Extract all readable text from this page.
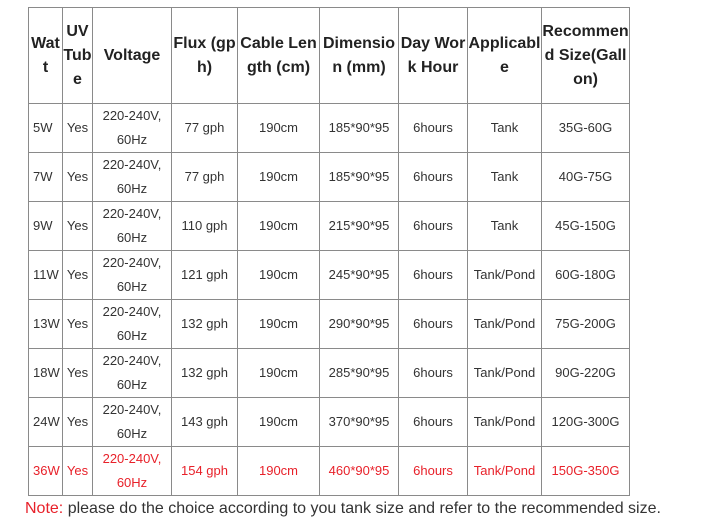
Watt	UV Tube	Voltage	Flux (gph)	Cable Length (cm)	Dimension (mm)	Day Work Hour	Applicable	Recommend Size(Gallon)
5W	Yes	220-240V, 60Hz	77 gph	190cm	185*90*95	6hours	Tank	35G-60G
7W	Yes	220-240V, 60Hz	77 gph	190cm	185*90*95	6hours	Tank	40G-75G
9W	Yes	220-240V, 60Hz	110 gph	190cm	215*90*95	6hours	Tank	45G-150G
11W	Yes	220-240V, 60Hz	121 gph	190cm	245*90*95	6hours	Tank/Pond	60G-180G
13W	Yes	220-240V, 60Hz	132 gph	190cm	290*90*95	6hours	Tank/Pond	75G-200G
18W	Yes	220-240V, 60Hz	132 gph	190cm	285*90*95	6hours	Tank/Pond	90G-220G
24W	Yes	220-240V, 60Hz	143 gph	190cm	370*90*95	6hours	Tank/Pond	120G-300G
36W	Yes	220-240V, 60Hz	154 gph	190cm	460*90*95	6hours	Tank/Pond	150G-350G
Note: please do the choice according to you tank size and refer to the recommended size.
